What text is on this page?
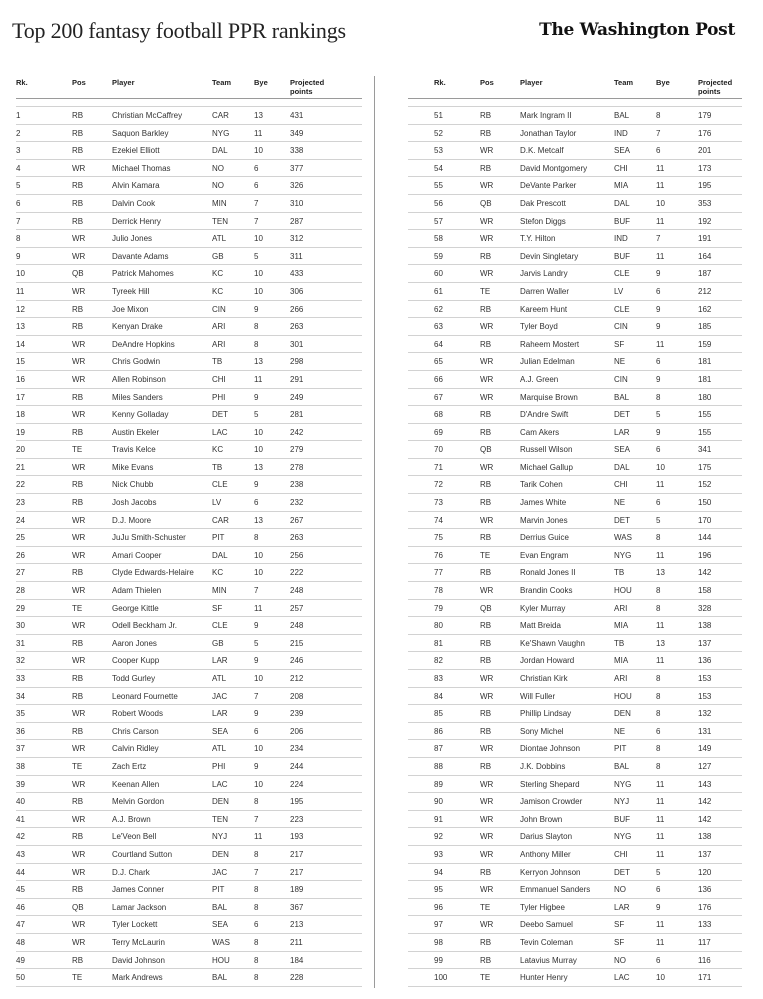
Top 200 fantasy football PPR rankings	The Washington Post
Rk.	Pos	Player	Team	Bye	Projected points
1	RB	Christian McCaffrey	CAR	13	431
2	RB	Saquon Barkley	NYG	11	349
3	RB	Ezekiel Elliott	DAL	10	338
4	WR	Michael Thomas	NO	6	377
5	RB	Alvin Kamara	NO	6	326
6	RB	Dalvin Cook	MIN	7	310
7	RB	Derrick Henry	TEN	7	287
8	WR	Julio Jones	ATL	10	312
9	WR	Davante Adams	GB	5	311
10	QB	Patrick Mahomes	KC	10	433
11	WR	Tyreek Hill	KC	10	306
12	RB	Joe Mixon	CIN	9	266
13	RB	Kenyan Drake	ARI	8	263
14	WR	DeAndre Hopkins	ARI	8	301
15	WR	Chris Godwin	TB	13	298
16	WR	Allen Robinson	CHI	11	291
17	RB	Miles Sanders	PHI	9	249
18	WR	Kenny Golladay	DET	5	281
19	RB	Austin Ekeler	LAC	10	242
20	TE	Travis Kelce	KC	10	279
21	WR	Mike Evans	TB	13	278
22	RB	Nick Chubb	CLE	9	238
23	RB	Josh Jacobs	LV	6	232
24	WR	D.J. Moore	CAR	13	267
25	WR	JuJu Smith-Schuster	PIT	8	263
26	WR	Amari Cooper	DAL	10	256
27	RB	Clyde Edwards-Helaire KC	10	222
28	WR	Adam Thielen	MIN	7	248
29	TE	George Kittle	SF	11	257
30	WR	Odell Beckham Jr.	CLE	9	248
31	RB	Aaron Jones	GB	5	215
32	WR	Cooper Kupp	LAR	9	246
33	RB	Todd Gurley	ATL	10	212
34	RB	Leonard Fournette	JAC	7	208
35	WR	Robert Woods	LAR	9	239
36	RB	Chris Carson	SEA	6	206
37	WR	Calvin Ridley	ATL	10	234
38	TE	Zach Ertz	PHI	9	244
39	WR	Keenan Allen	LAC	10	224
40	RB	Melvin Gordon	DEN	8	195
41	WR	A.J. Brown	TEN	7	223
42	RB	Le'Veon Bell	NYJ	11	193
43	WR	Courtland Sutton	DEN	8	217
44	WR	D.J. Chark	JAC	7	217
45	RB	James Conner	PIT	8	189
46	QB	Lamar Jackson	BAL	8	367
47	WR	Tyler Lockett	SEA	6	213
48	WR	Terry McLaurin	WAS	8	211
49	RB	David Johnson	HOU	8	184
50	TE	Mark Andrews	BAL	8	228
Rk.	Pos	Player	Team	Bye	Projected points
51	RB	Mark Ingram II	BAL	8	179
52	RB	Jonathan Taylor	IND	7	176
53	WR	D.K. Metcalf	SEA	6	201
54	RB	David Montgomery	CHI	11	173
55	WR	DeVante Parker	MIA	11	195
56	QB	Dak Prescott	DAL	10	353
57	WR	Stefon Diggs	BUF	11	192
58	WR	T.Y. Hilton	IND	7	191
59	RB	Devin Singletary	BUF	11	164
60	WR	Jarvis Landry	CLE	9	187
61	TE	Darren Waller	LV	6	212
62	RB	Kareem Hunt	CLE	9	162
63	WR	Tyler Boyd	CIN	9	185
64	RB	Raheem Mostert	SF	11	159
65	WR	Julian Edelman	NE	6	181
66	WR	A.J. Green	CIN	9	181
67	WR	Marquise Brown	BAL	8	180
68	RB	D'Andre Swift	DET	5	155
69	RB	Cam Akers	LAR	9	155
70	QB	Russell Wilson	SEA	6	341
71	WR	Michael Gallup	DAL	10	175
72	RB	Tarik Cohen	CHI	11	152
73	RB	James White	NE	6	150
74	WR	Marvin Jones	DET	5	170
75	RB	Derrius Guice	WAS	8	144
76	TE	Evan Engram	NYG	11	196
77	RB	Ronald Jones II	TB	13	142
78	WR	Brandin Cooks	HOU	8	158
79	QB	Kyler Murray	ARI	8	328
80	RB	Matt Breida	MIA	11	138
81	RB	Ke'Shawn Vaughn	TB	13	137
82	RB	Jordan Howard	MIA	11	136
83	WR	Christian Kirk	ARI	8	153
84	WR	Will Fuller	HOU	8	153
85	RB	Phillip Lindsay	DEN	8	132
86	RB	Sony Michel	NE	6	131
87	WR	Diontae Johnson	PIT	8	149
88	RB	J.K. Dobbins	BAL	8	127
89	WR	Sterling Shepard	NYG	11	143
90	WR	Jamison Crowder	NYJ	11	142
91	WR	John Brown	BUF	11	142
92	WR	Darius Slayton	NYG	11	138
93	WR	Anthony Miller	CHI	11	137
94	RB	Kerryon Johnson	DET	5	120
95	WR	Emmanuel Sanders	NO	6	136
96	TE	Tyler Higbee	LAR	9	176
97	WR	Deebo Samuel	SF	11	133
98	RB	Tevin Coleman	SF	11	117
99	RB	Latavius Murray	NO	6	116
100	TE	Hunter Henry	LAC	10	171
